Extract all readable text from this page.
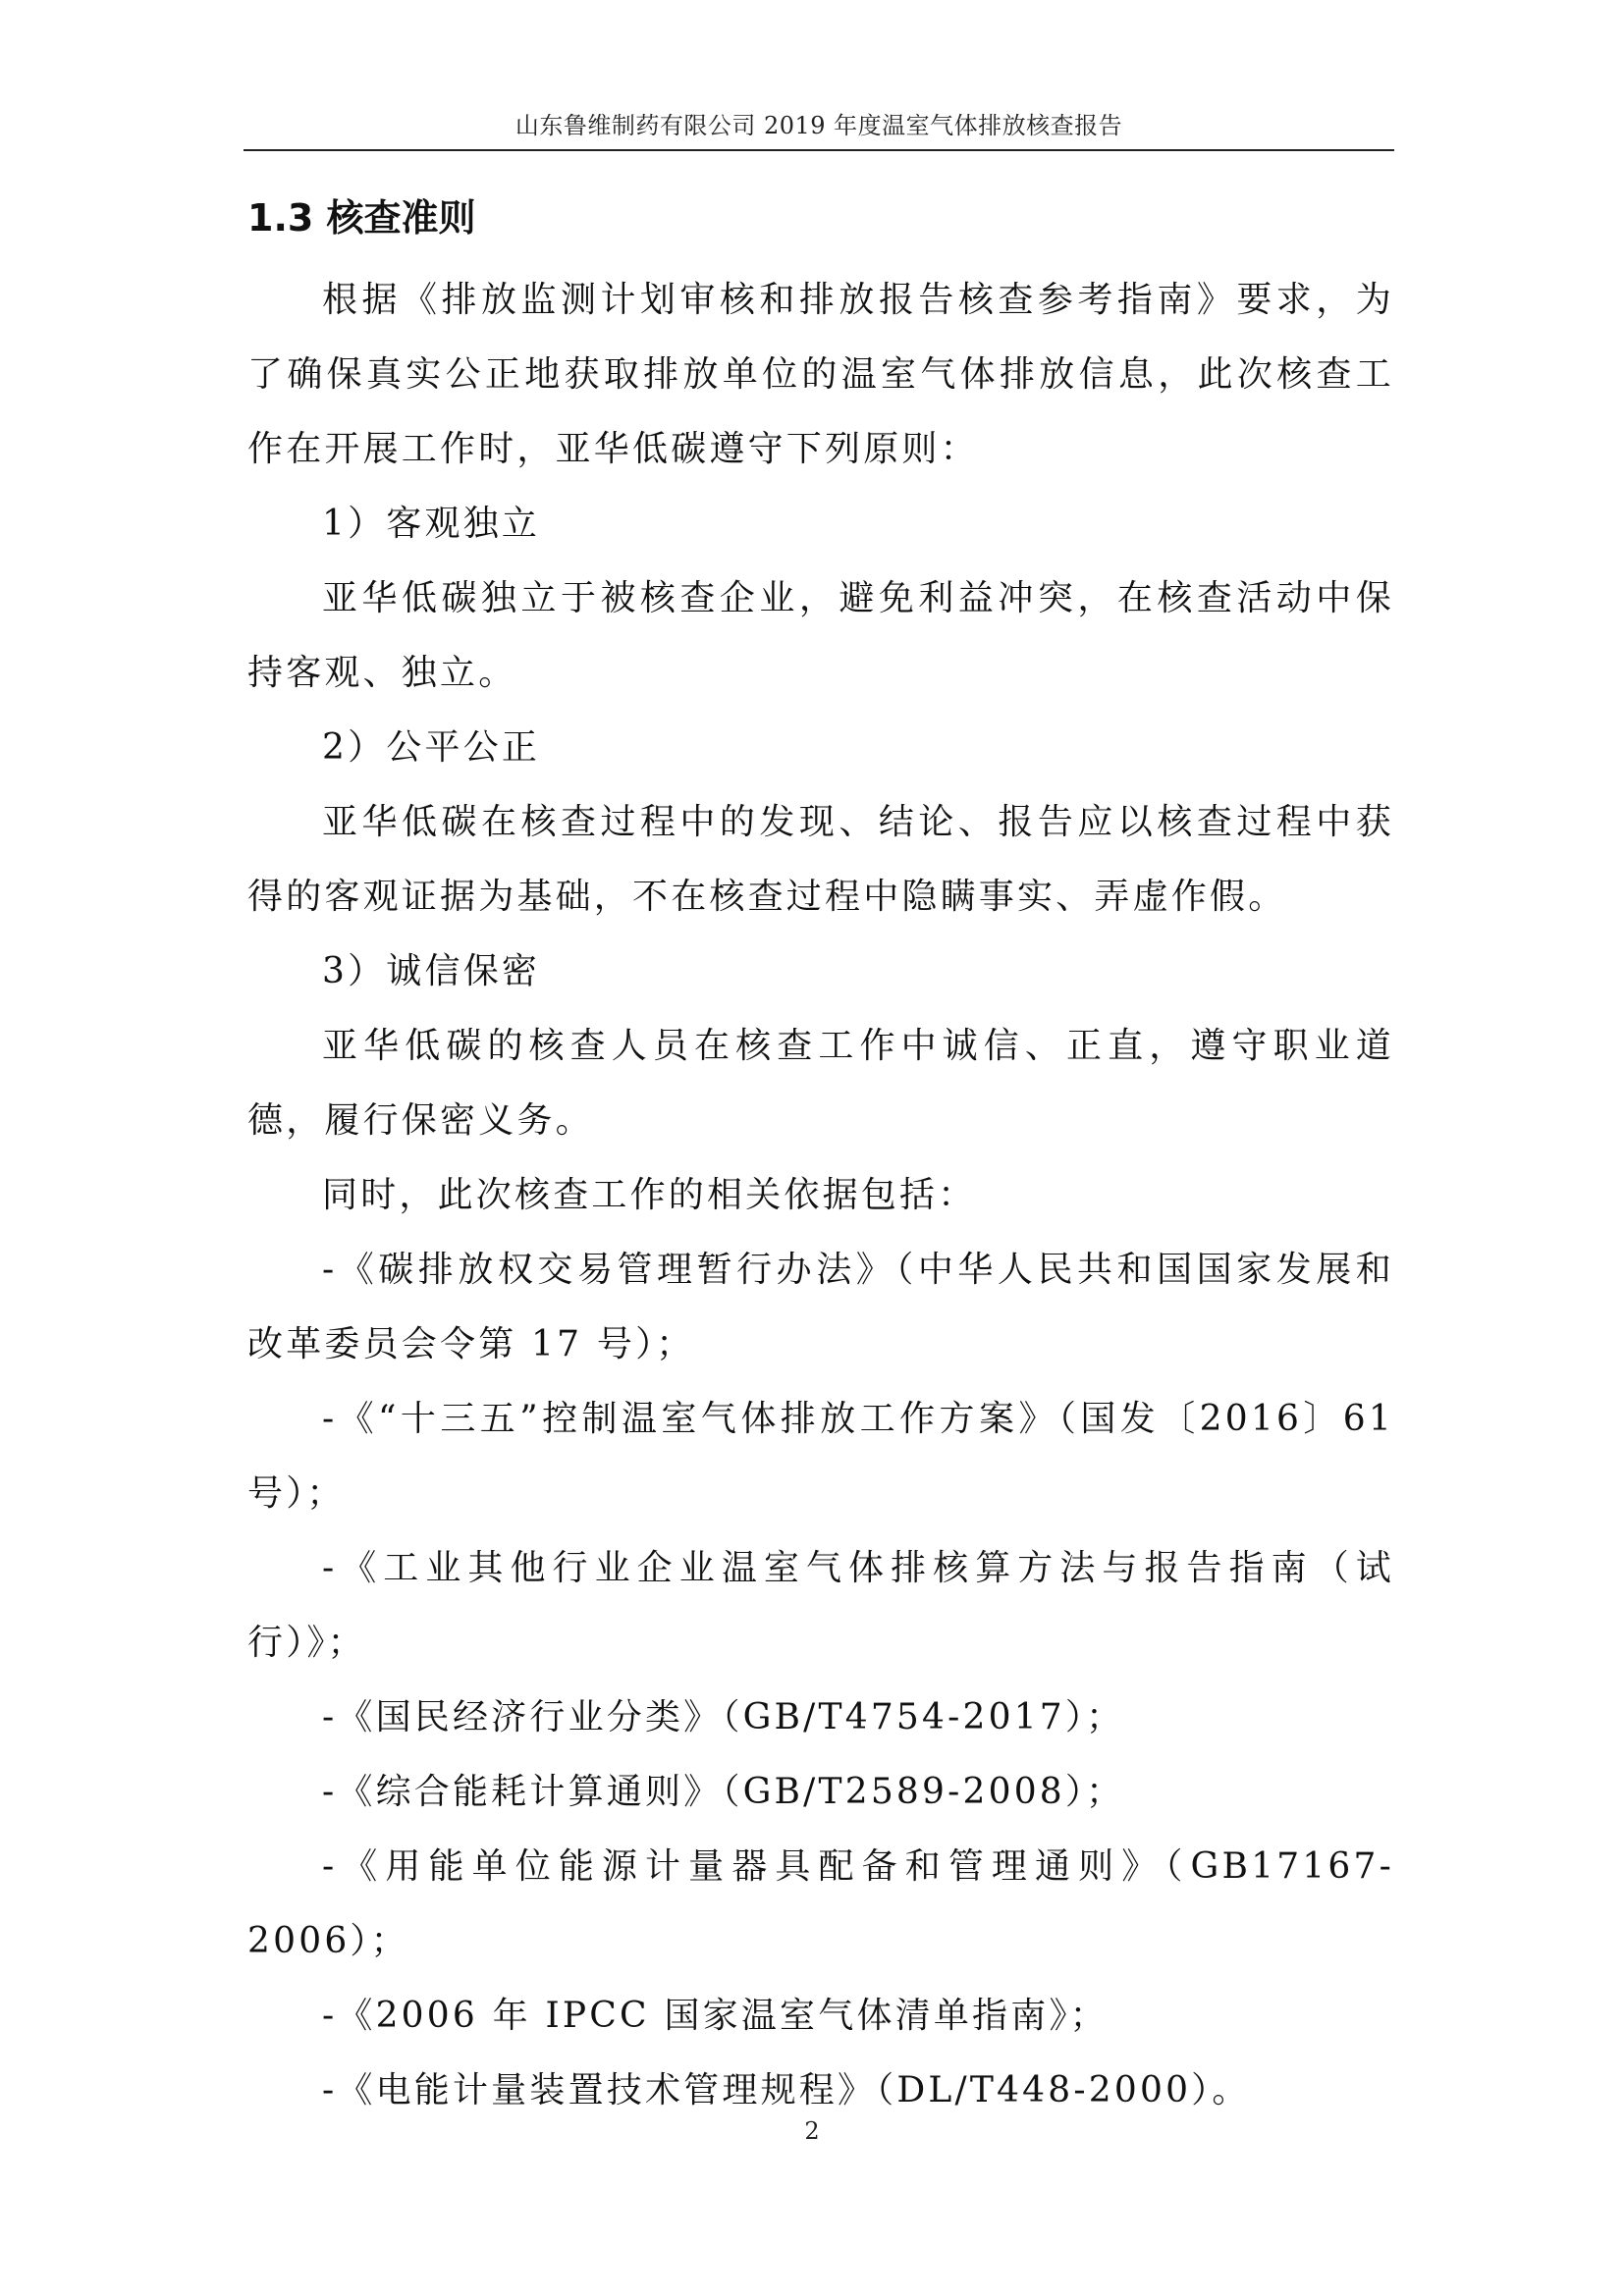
山东鲁维制药有限公司 2019 年度温室气体排放核查报告
1.3 核查准则

根据《排放监测计划审核和排放报告核查参考指南》要求，为了确保真实公正地获取排放单位的温室气体排放信息，此次核查工作在开展工作时，亚华低碳遵守下列原则：

1）客观独立

亚华低碳独立于被核查企业，避免利益冲突，在核查活动中保持客观、独立。

2）公平公正

亚华低碳在核查过程中的发现、结论、报告应以核查过程中获得的客观证据为基础，不在核查过程中隐瞒事实、弄虚作假。

3）诚信保密

亚华低碳的核查人员在核查工作中诚信、正直，遵守职业道德，履行保密义务。

同时，此次核查工作的相关依据包括：

-《碳排放权交易管理暂行办法》（中华人民共和国国家发展和改革委员会令第 17 号）；
-《“十三五”控制温室气体排放工作方案》（国发〔2016〕61 号）；
-《工业其他行业企业温室气体排核算方法与报告指南（试行）》；
-《国民经济行业分类》（GB/T4754-2017）；
-《综合能耗计算通则》（GB/T2589-2008）；
-《用能单位能源计量器具配备和管理通则》（GB17167-2006）；
-《2006 年 IPCC 国家温室气体清单指南》；
-《电能计量装置技术管理规程》（DL/T448-2000）。
2
